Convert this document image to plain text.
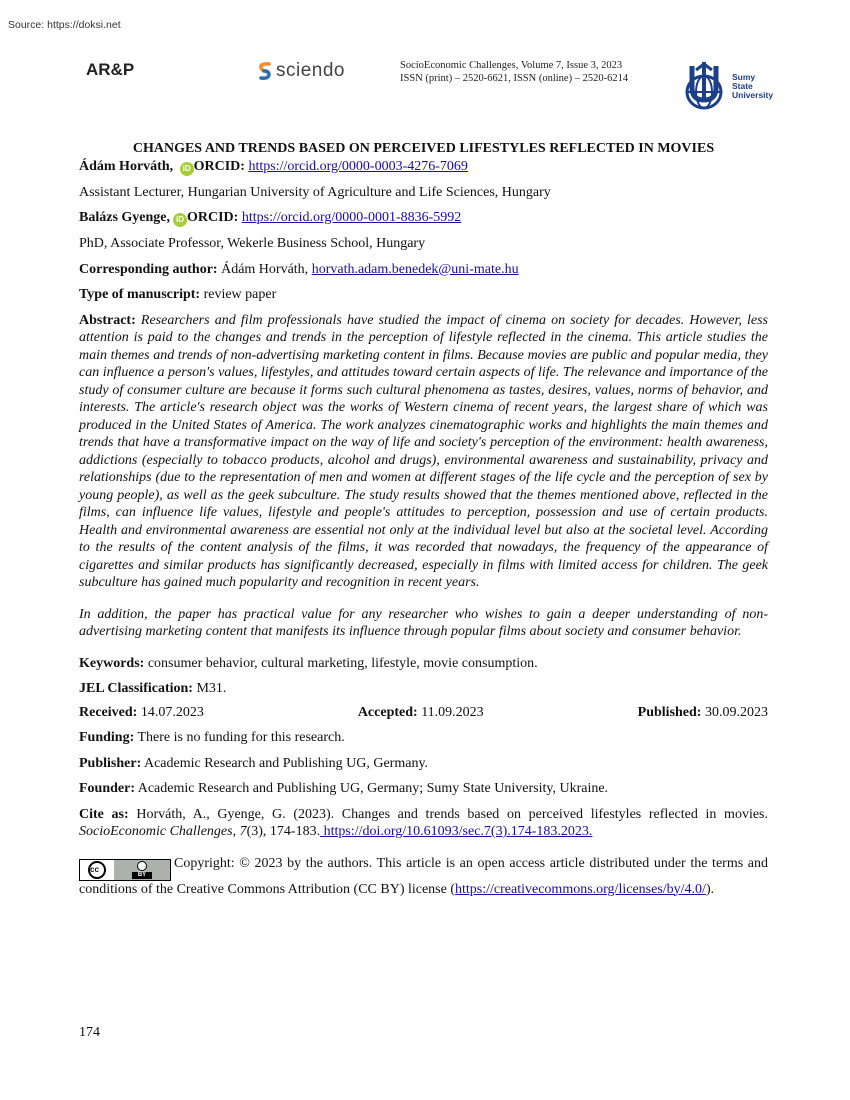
Source: https://doksi.net
AR&P	sciendo	SocioEconomic Challenges, Volume 7, Issue 3, 2023
ISSN (print) – 2520-6621, ISSN (online) – 2520-6214	Sumy
State
University

CHANGES AND TRENDS BASED ON PERCEIVED LIFESTYLES REFLECTED IN MOVIES

Ádám Horváth, iD ORCID: https://orcid.org/0000-0003-4276-7069

Assistant Lecturer, Hungarian University of Agriculture and Life Sciences, Hungary

Balázs Gyenge, iD ORCID: https://orcid.org/0000-0001-8836-5992

PhD, Associate Professor, Wekerle Business School, Hungary

Corresponding author: Ádám Horváth, horvath.adam.benedek@uni-mate.hu

Type of manuscript: review paper

Abstract: Researchers and film professionals have studied the impact of cinema on society for decades. However, less attention is paid to the changes and trends in the perception of lifestyle reflected in the cinema. This article studies the main themes and trends of non-advertising marketing content in films. Because movies are public and popular media, they can influence a person's values, lifestyles, and attitudes toward certain aspects of life. The relevance and importance of the study of consumer culture are because it forms such cultural phenomena as tastes, desires, values, norms of behavior, and interests. The article's research object was the works of Western cinema of recent years, the largest share of which was produced in the United States of America. The work analyzes cinematographic works and highlights the main themes and trends that have a transformative impact on the way of life and society's perception of the environment: health awareness, addictions (especially to tobacco products, alcohol and drugs), environmental awareness and sustainability, privacy and relationships (due to the representation of men and women at different stages of the life cycle and the perception of sex by young people), as well as the geek subculture. The study results showed that the themes mentioned above, reflected in the films, can influence life values, lifestyle and people's attitudes to perception, possession and use of certain products. Health and environmental awareness are essential not only at the individual level but also at the societal level. According to the results of the content analysis of the films, it was recorded that nowadays, the frequency of the appearance of cigarettes and similar products has significantly decreased, especially in films with limited access for children. The geek subculture has gained much popularity and recognition in recent years.

In addition, the paper has practical value for any researcher who wishes to gain a deeper understanding of non-advertising marketing content that manifests its influence through popular films about society and consumer behavior.

Keywords: consumer behavior, cultural marketing, lifestyle, movie consumption.

JEL Classification: M31.

Received: 14.07.2023	Accepted: 11.09.2023	Published: 30.09.2023

Funding: There is no funding for this research.

Publisher: Academic Research and Publishing UG, Germany.

Founder: Academic Research and Publishing UG, Germany; Sumy State University, Ukraine.

Cite as: Horváth, A., Gyenge, G. (2023). Changes and trends based on perceived lifestyles reflected in movies. SocioEconomic Challenges, 7(3), 174-183. https://doi.org/10.61093/sec.7(3).174-183.2023.

cc
BY
Copyright: © 2023 by the authors. This article is an open access article distributed under the terms and conditions of the Creative Commons Attribution (CC BY) license (https://creativecommons.org/licenses/by/4.0/).

174
